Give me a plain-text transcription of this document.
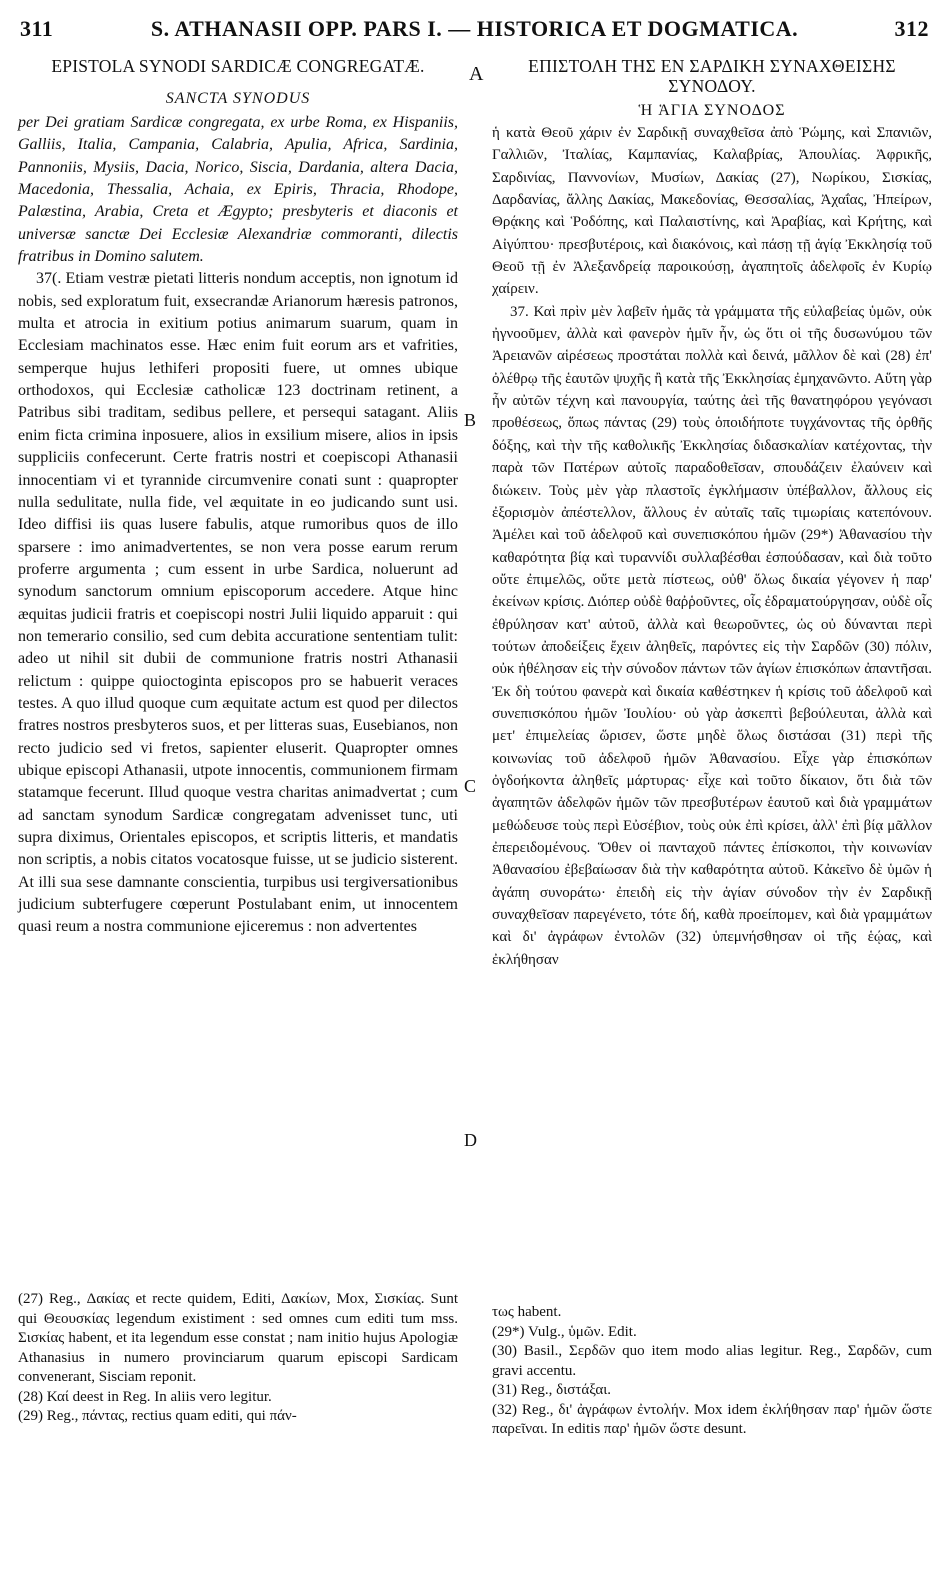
311	S. ATHANASII OPP. PARS I. — HISTORICA ET DOGMATICA.	312
A
B
C
D
EPISTOLA SYNODI SARDICÆ CONGREGATÆ.
SANCTA SYNODUS

per Dei gratiam Sardicæ congregata, ex urbe Roma, ex Hispaniis, Galliis, Italia, Campania, Calabria, Apulia, Africa, Sardinia, Pannoniis, Mysiis, Dacia, Norico, Siscia, Dardania, altera Dacia, Macedonia, Thessalia, Achaia, ex Epiris, Thracia, Rhodope, Palæstina, Arabia, Creta et Ægypto; presbyteris et diaconis et universæ sanctæ Dei Ecclesiæ Alexandriæ commoranti, dilectis fratribus in Domino salutem.

37(. Etiam vestræ pietati litteris nondum acceptis, non ignotum id nobis, sed exploratum fuit, exsecrandæ Arianorum hæresis patronos, multa et atrocia in exitium potius animarum suarum, quam in Ecclesiam machinatos esse. Hæc enim fuit eorum ars et vafrities, semperque hujus lethiferi propositi fuere, ut omnes ubique orthodoxos, qui Ecclesiæ catholicæ 123 doctrinam retinent, a Patribus sibi traditam, sedibus pellere, et persequi satagant. Aliis enim ficta crimina inposuere, alios in exsilium misere, alios in ipsis suppliciis confecerunt. Certe fratris nostri et coepiscopi Athanasii innocentiam vi et tyrannide circumvenire conati sunt : quapropter nulla sedulitate, nulla fide, vel æquitate in eo judicando sunt usi. Ideo diffisi iis quas lusere fabulis, atque rumoribus quos de illo sparsere : imo animadvertentes, se non vera posse earum rerum proferre argumenta ; cum essent in urbe Sardica, noluerunt ad synodum sanctorum omnium episcoporum accedere. Atque hinc æquitas judicii fratris et coepiscopi nostri Julii liquido apparuit : qui non temerario consilio, sed cum debita accuratione sententiam tulit: adeo ut nihil sit dubii de communione fratris nostri Athanasii relictum : quippe quioctoginta episcopos pro se habuerit veraces testes. A quo illud quoque cum æquitate actum est quod per dilectos fratres nostros presbyteros suos, et per litteras suas, Eusebianos, non recto judicio sed vi fretos, sapienter eluserit. Quapropter omnes ubique episcopi Athanasii, utpote innocentis, communionem firmam statamque fecerunt. Illud quoque vestra charitas animadvertat ; cum ad sanctam synodum Sardicæ congregatam advenisset tunc, uti supra diximus, Orientales episcopos, et scriptis litteris, et mandatis non scriptis, a nobis citatos vocatosque fuisse, ut se judicio sisterent. At illi sua sese damnante conscientia, turpibus usi tergiversationibus judicium subterfugere cœperunt Postulabant enim, ut innocentem quasi reum a nostra communione ejiceremus : non advertentes

ΕΠΙΣΤΟΛΗ ΤΗΣ ΕΝ ΣΑΡΔΙΚΗ ΣΥΝΑΧΘΕΙΣΗΣ
ΣΥΝΟΔΟΥ.
Ἡ ἉΓΙΑ ΣΥΝΟΔΟΣ

ἡ κατὰ Θεοῦ χάριν ἐν Σαρδικῇ συναχθεῖσα ἀπὸ Ῥώμης, καὶ Σπανιῶν, Γαλλιῶν, Ἰταλίας, Καμπανίας, Καλαβρίας, Ἀπουλίας. Ἀφρικῆς, Σαρδινίας, Παννονίων, Μυσίων, Δακίας (27), Νωρίκου, Σισκίας, Δαρδανίας, ἄλλης Δακίας, Μακεδονίας, Θεσσαλίας, Ἀχαΐας, Ἠπείρων, Θρᾴκης καὶ Ῥοδόπης, καὶ Παλαιστίνης, καὶ Ἀραβίας, καὶ Κρήτης, καὶ Αἰγύπτου· πρεσβυτέροις, καὶ διακόνοις, καὶ πάσῃ τῇ ἁγίᾳ Ἐκκλησίᾳ τοῦ Θεοῦ τῇ ἐν Ἀλεξανδρείᾳ παροικούσῃ, ἀγαπητοῖς ἀδελφοῖς ἐν Κυρίῳ χαίρειν.

37. Καὶ πρὶν μὲν λαβεῖν ἡμᾶς τὰ γράμματα τῆς εὐλαβείας ὑμῶν, οὐκ ἠγνοοῦμεν, ἀλλὰ καὶ φανερὸν ἡμῖν ἦν, ὡς ὅτι οἱ τῆς δυσωνύμου τῶν Ἀρειανῶν αἱρέσεως προστάται πολλὰ καὶ δεινά, μᾶλλον δὲ καὶ (28) ἐπ' ὀλέθρῳ τῆς ἑαυτῶν ψυχῆς ἢ κατὰ τῆς Ἐκκλησίας ἐμηχανῶντο. Αὕτη γὰρ ἦν αὐτῶν τέχνη καὶ πανουργία, ταύτης ἀεὶ τῆς θανατηφόρου γεγόνασι προθέσεως, ὅπως πάντας (29) τοὺς ὁποιδήποτε τυγχάνοντας τῆς ὀρθῆς δόξης, καὶ τὴν τῆς καθολικῆς Ἐκκλησίας διδασκαλίαν κατέχοντας, τὴν παρὰ τῶν Πατέρων αὐτοῖς παραδοθεῖσαν, σπουδάζειν ἐλαύνειν καὶ διώκειν. Τοὺς μὲν γὰρ πλαστοῖς ἐγκλήμασιν ὑπέβαλλον, ἄλλους εἰς ἐξορισμὸν ἀπέστελλον, ἄλλους ἐν αὐταῖς ταῖς τιμωρίαις κατεπόνουν. Ἀμέλει καὶ τοῦ ἀδελφοῦ καὶ συνεπισκόπου ἡμῶν (29*) Ἀθανασίου τὴν καθαρότητα βίᾳ καὶ τυραννίδι συλλαβέσθαι ἐσπούδασαν, καὶ διὰ τοῦτο οὔτε ἐπιμελῶς, οὔτε μετὰ πίστεως, οὐθ' ὅλως δικαία γέγονεν ἡ παρ' ἐκείνων κρίσις. Διόπερ οὐδὲ θαῤῥοῦντες, οἷς ἐδραματούργησαν, οὐδὲ οἷς ἐθρύλησαν κατ' αὐτοῦ, ἀλλὰ καὶ θεωροῦντες, ὡς οὐ δύνανται περὶ τούτων ἀποδείξεις ἔχειν ἀληθεῖς, παρόντες εἰς τὴν Σαρδῶν (30) πόλιν, οὐκ ἠθέλησαν εἰς τὴν σύνοδον πάντων τῶν ἁγίων ἐπισκόπων ἀπαντῆσαι. Ἐκ δὴ τούτου φανερὰ καὶ δικαία καθέστηκεν ἡ κρίσις τοῦ ἀδελφοῦ καὶ συνεπισκόπου ἡμῶν Ἰουλίου· οὐ γὰρ ἀσκεπτὶ βεβούλευται, ἀλλὰ καὶ μετ' ἐπιμελείας ὥρισεν, ὥστε μηδὲ ὅλως διστάσαι (31) περὶ τῆς κοινωνίας τοῦ ἀδελφοῦ ἡμῶν Ἀθανασίου. Εἶχε γὰρ ἐπισκόπων ὀγδοήκοντα ἀληθεῖς μάρτυρας· εἶχε καὶ τοῦτο δίκαιον, ὅτι διὰ τῶν ἀγαπητῶν ἀδελφῶν ἡμῶν τῶν πρεσβυτέρων ἑαυτοῦ καὶ διὰ γραμμάτων μεθώδευσε τοὺς περὶ Εὐσέβιον, τοὺς οὐκ ἐπὶ κρίσει, ἀλλ' ἐπὶ βίᾳ μᾶλλον ἐπερειδομένους. Ὅθεν οἱ πανταχοῦ πάντες ἐπίσκοποι, τὴν κοινωνίαν Ἀθανασίου ἐβεβαίωσαν διὰ τὴν καθαρότητα αὐτοῦ. Κἀκεῖνο δὲ ὑμῶν ἡ ἀγάπη συνοράτω· ἐπειδὴ εἰς τὴν ἁγίαν σύνοδον τὴν ἐν Σαρδικῇ συναχθεῖσαν παρεγένετο, τότε δή, καθὰ προείπομεν, καὶ διὰ γραμμάτων καὶ δι' ἀγράφων ἐντολῶν (32) ὑπεμνήσθησαν οἱ τῆς ἑῴας, καὶ ἐκλήθησαν

(27) Reg., Δακίας et recte quidem, Editi, Δακίων, Mox, Σισκίας. Sunt qui Θεουσκίας legendum existiment : sed omnes cum editi tum mss. Σισκίας habent, et ita legendum esse constat ; nam initio hujus Apologiæ Athanasius in numero provinciarum quarum episcopi Sardicam convenerant, Sisciam reponit.

(28) Καί deest in Reg. In aliis vero legitur.

(29) Reg., πάντας, rectius quam editi, qui πάν-

τως habent.

(29*) Vulg., ὑμῶν. Edit.

(30) Basil., Σερδῶν quo item modo alias legitur. Reg., Σαρδῶν, cum gravi accentu.

(31) Reg., διστάξαι.

(32) Reg., δι' ἀγράφων ἐντολήν. Mox idem ἐκλήθησαν παρ' ἡμῶν ὥστε παρεῖναι. In editis παρ' ἡμῶν ὥστε desunt.
